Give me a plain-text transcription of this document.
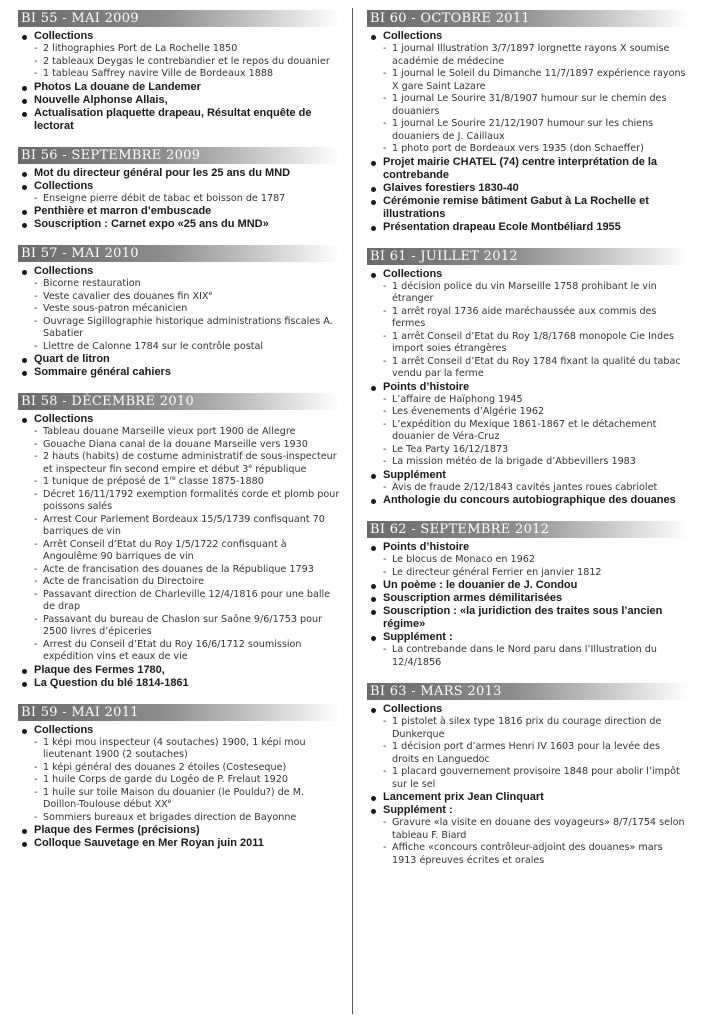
BI 55 - MAI 2009
Collections
- 2 lithographies Port de La Rochelle 1850
- 2 tableaux Deygas le contrebandier et le repos du douanier
- 1 tableau Saffrey navire Ville de Bordeaux 1888
Photos La douane de Landemer
Nouvelle Alphonse Allais,
Actualisation plaquette drapeau, Résultat enquête de lectorat
BI 56 - SEPTEMBRE 2009
Mot du directeur général pour les 25 ans du MND
Collections
- Enseigne pierre débit de tabac et boisson de 1787
Penthière et marron d’embuscade
Souscription : Carnet expo «25 ans du MND»
BI 57 - MAI 2010
Collections
- Bicorne restauration
- Veste cavalier des douanes fin XIXe
- Veste sous-patron mécanicien
- Ouvrage Sigillographie historique administrations fiscales A. Sabatier
- Llettre de Calonne 1784 sur le contrôle postal
Quart de litron
Sommaire général cahiers
BI 58 - DÉCEMBRE 2010
Collections
- Tableau douane Marseille vieux port 1900 de Allegre
- Gouache Diana canal de la douane Marseille vers 1930
- 2 hauts (habits) de costume administratif de sous-inspecteur et inspecteur fin second empire et début 3e république
- 1 tunique de préposé de 1re classe 1875-1880
- Décret 16/11/1792 exemption formalités corde et plomb pour poissons salés
- Arrest Cour Parlement Bordeaux 15/5/1739 confisquant 70 barriques de vin
- Arrêt Conseil d’Etat du Roy 1/5/1722 confisquant à Angoulême 90 barriques de vin
- Acte de francisation des douanes de la République 1793
- Acte de francisation du Directoire
- Passavant direction de Charleville 12/4/1816 pour une balle de drap
- Passavant du bureau de Chaslon sur Saône 9/6/1753 pour 2500 livres d’épiceries
- Arrest du Conseil d’Etat du Roy 16/6/1712 soumission expédition vins et eaux de vie
Plaque des Fermes 1780,
La Question du blé 1814-1861
BI 59 - MAI 2011
Collections
- 1 képi mou inspecteur (4 soutaches) 1900, 1 képi mou lieutenant 1900 (2 soutaches)
- 1 képi général des douanes 2 étoiles (Costeseque)
- 1 huile Corps de garde du Logéo de P. Frelaut 1920
- 1 huile sur toile Maison du douanier (le Pouldu?) de M. Doillon-Toulouse début XXe
- Sommiers bureaux et brigades direction de Bayonne
Plaque des Fermes (précisions)
Colloque Sauvetage en Mer Royan juin 2011
BI 60 - OCTOBRE 2011
Collections
- 1 journal Illustration 3/7/1897 lorgnette rayons X soumise académie de médecine
- 1 journal le Soleil du Dimanche 11/7/1897 expérience rayons X gare Saint Lazare
- 1 journal Le Sourire 31/8/1907 humour sur le chemin des douaniers
- 1 journal Le Sourire 21/12/1907 humour sur les chiens douaniers de J. Caillaux
- 1 photo port de Bordeaux vers 1935 (don Schaeffer)
Projet mairie CHATEL (74) centre interprétation de la contrebande
Glaives forestiers 1830-40
Cérémonie remise bâtiment Gabut à La Rochelle et illustrations
Présentation drapeau Ecole Montbéliard 1955
BI 61 - JUILLET 2012
Collections
- 1 décision police du vin Marseille 1758 prohibant le vin étranger
- 1 arrêt royal 1736 aide maréchaussée aux commis des fermes
- 1 arrêt Conseil d’Etat du Roy 1/8/1768 monopole Cie Indes import soies étrangères
- 1 arrêt Conseil d’Etat du Roy 1784 fixant la qualité du tabac vendu par la ferme
Points d’histoire
- L’affaire de Haïphong 1945
- Les évenements d’Algérie 1962
- L’expédition du Mexique 1861-1867 et le détachement douanier de Véra-Cruz
- Le Tea Party 16/12/1873
- La mission météo de la brigade d’Abbevillers 1983
Supplément
- Avis de fraude 2/12/1843 cavités jantes roues cabriolet
Anthologie du concours autobiographique des douanes
BI 62 - SEPTEMBRE 2012
Points d’histoire
- Le blocus de Monaco en 1962
- Le directeur général Ferrier en janvier 1812
Un poème : le douanier de J. Condou
Souscription armes démilitarisées
Souscription : «la juridiction des traites sous l’ancien régime»
Supplément :
- La contrebande dans le Nord paru dans l’Illustration du 12/4/1856
BI 63 - MARS 2013
Collections
- 1 pistolet à silex type 1816 prix du courage direction de Dunkerque
- 1 décision port d’armes Henri IV 1603 pour la levée des droits en Languedoc
- 1 placard gouvernement provisoire 1848 pour abolir l’impôt sur le sel
Lancement prix Jean Clinquart
Supplément :
- Gravure «la visite en douane des voyageurs» 8/7/1754 selon tableau F. Biard
- Affiche «concours contrôleur-adjoint des douanes» mars 1913 épreuves écrites et orales
